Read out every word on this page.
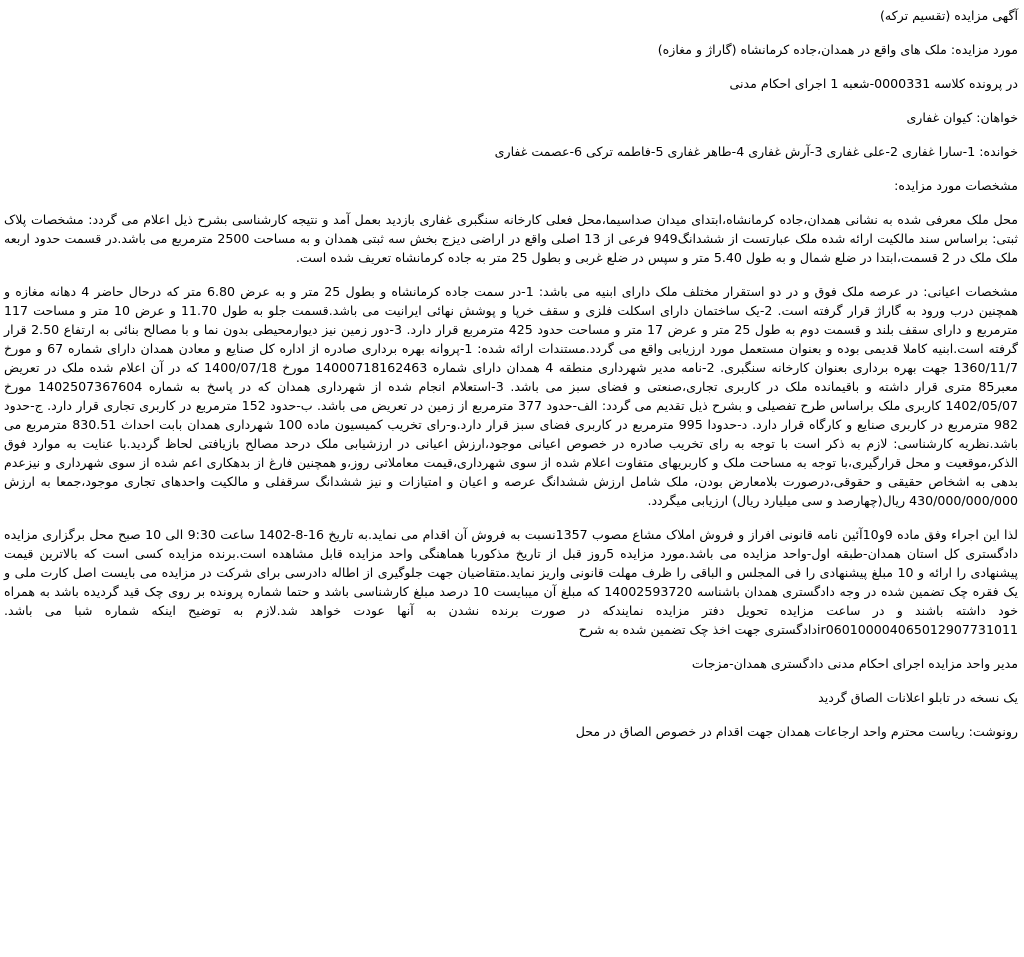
آگهی مزایده (تقسیم ترکه)

مورد مزایده: ملک های واقع در همدان،جاده کرمانشاه (گاراژ و مغازه)

در پرونده کلاسه 0000331-شعبه 1 اجرای احکام مدنی

خواهان: کیوان غفاری

خوانده: 1-سارا غفاری 2-علی غفاری 3-آرش غفاری 4-طاهر غفاری 5-فاطمه ترکی 6-عصمت غفاری

مشخصات مورد مزایده:

محل ملک معرفی شده به نشانی همدان،جاده کرمانشاه،ابتدای میدان صداسیما،محل فعلی کارخانه سنگبری غفاری بازدید بعمل آمد و نتیجه کارشناسی بشرح ذیل اعلام می گردد: مشخصات پلاک ثبتی: براساس سند مالکیت ارائه شده ملک عبارتست از ششدانگ949 فرعی از 13 اصلی واقع در اراضی دیزج بخش سه ثبتی همدان و به مساحت 2500 مترمربع می باشد.در قسمت حدود اربعه ملک ملک در 2 قسمت،ابتدا در ضلع شمال و به طول 5.40 متر و سپس در ضلع غربی و بطول 25 متر به جاده کرمانشاه تعریف شده است.

مشخصات اعیانی: در عرصه ملک فوق و در دو استقرار مختلف ملک دارای ابنیه می باشد: 1-در سمت جاده کرمانشاه و بطول 25 متر و به عرض 6.80 متر که درحال حاضر 4 دهانه مغازه و همچنین درب ورود به گاراژ قرار گرفته است. 2-یک ساختمان دارای اسکلت فلزی و سقف خرپا و پوشش نهائی ایرانیت می باشد.قسمت جلو به طول 11.70 و عرض 10 متر و مساحت 117 مترمربع و دارای سقف بلند و قسمت دوم به طول 25 متر و عرض 17 متر و مساحت حدود 425 مترمربع قرار دارد. 3-دور زمین نیز دیوارمحیطی بدون نما و با مصالح بنائی به ارتفاع 2.50 قرار گرفته است.ابنیه کاملا قدیمی بوده و بعنوان مستعمل مورد ارزیابی واقع می گردد.مستندات ارائه شده: 1-پروانه بهره برداری صادره از اداره کل صنایع و معادن همدان دارای شماره 67 و مورخ 1360/11/7 جهت بهره برداری بعنوان کارخانه سنگبری. 2-نامه مدیر شهرداری منطقه 4 همدان دارای شماره 14000718162463 مورخ 1400/07/18 که در آن اعلام شده ملک در تعریض معبر85 متری قرار داشته و باقیمانده ملک در کاربری تجاری،صنعتی و فضای سبز می باشد. 3-استعلام انجام شده از شهرداری همدان که در پاسخ به شماره 1402507367604 مورخ 1402/05/07 کاربری ملک براساس طرح تفصیلی و بشرح ذیل تقدیم می گردد: الف-حدود 377 مترمربع از زمین در تعریض می باشد. ب-حدود 152 مترمربع در کاربری تجاری قرار دارد. ج-حدود 982 مترمربع در کاربری صنایع و کارگاه قرار دارد. د-حدودا 995 مترمربع در کاربری فضای سبز قرار دارد.و-رای تخریب کمیسیون ماده 100 شهرداری همدان بابت احداث 830.51 مترمربع می باشد.نظریه کارشناسی: لازم به ذکر است با توجه به رای تخریب صادره در خصوص اعیانی موجود،ارزش اعیانی در ارزشیابی ملک درحد مصالح بازیافتی لحاظ گردید.با عنایت به موارد فوق الذکر،موقعیت و محل قرارگیری،با توجه به مساحت ملک و کاربریهای متفاوت اعلام شده از سوی شهرداری،قیمت معاملاتی روز،و همچنین فارغ از بدهکاری اعم شده از سوی شهرداری و نیزعدم بدهی به اشخاص حقیقی و حقوقی،درصورت بلامعارض بودن، ملک شامل ارزش ششدانگ عرصه و اعیان و امتیازات و نیز ششدانگ سرقفلی و مالکیت واحدهای تجاری موجود،جمعا به ارزش 430/000/000/000 ریال(چهارصد و سی میلیارد ریال) ارزیابی میگردد.

لذا این اجراء وفق ماده 9و10آئین نامه قانونی افراز و فروش املاک مشاع مصوب 1357نسبت به فروش آن اقدام می نماید.به تاریخ 16-8-1402 ساعت 9:30 الی 10 صبح محل برگزاری مزایده دادگستری کل استان همدان-طبقه اول-واحد مزایده می باشد.مورد مزایده 5روز قبل از تاریخ مذکوربا هماهنگی واحد مزایده قابل مشاهده است.برنده مزایده کسی است که بالاترین قیمت پیشنهادی را ارائه و 10 مبلغ پیشنهادی را فی المجلس و الباقی را ظرف مهلت قانونی واریز نماید.متقاضیان جهت جلوگیری از اطاله دادرسی برای شرکت در مزایده می بایست اصل کارت ملی و یک فقره چک تضمین شده در وجه دادگستری همدان باشناسه 14002593720 که مبلغ آن میبایست 10 درصد مبلغ کارشناسی باشد و حتما شماره پرونده بر روی چک قید گردیده باشد به همراه خود داشته باشند و در ساعت مزایده تحویل دفتر مزایده نمایندکه در صورت برنده نشدن به آنها عودت خواهد شد.لازم به توضیح اینکه شماره شبا می باشد. ir060100004065012907731011دادگستری جهت اخذ چک تضمین شده به شرح

مدیر واحد مزایده اجرای احکام مدنی دادگستری همدان-مزجات

یک نسخه در تابلو اعلانات الصاق گردید

رونوشت: ریاست محترم واحد ارجاعات همدان جهت اقدام در خصوص الصاق در محل
